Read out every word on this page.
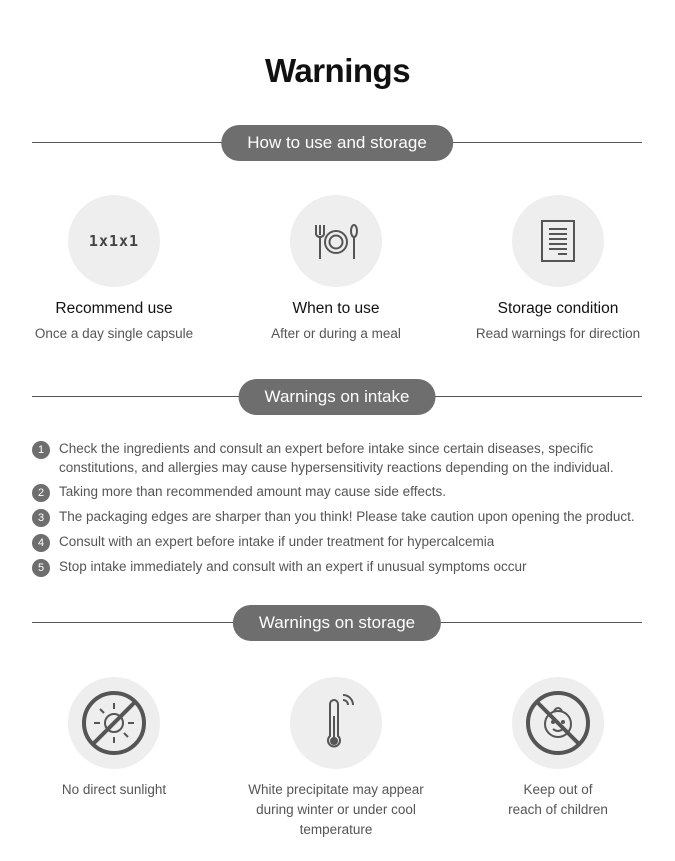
Warnings
How to use and storage
1x1x1
Recommend use
Once a day single capsule
When to use
After or during a meal
Storage condition
Read warnings for direction
Warnings on intake
1	Check the ingredients and consult an expert before intake since certain diseases, specific constitutions, and allergies may cause hypersensitivity reactions depending on the individual.
2	Taking more than recommended amount may cause side effects.
3	The packaging edges are sharper than you think! Please take caution upon opening the product.
4	Consult with an expert before intake if under treatment for hypercalcemia
5	Stop intake immediately and consult with an expert if unusual symptoms occur
Warnings on storage
No direct sunlight	White precipitate may appear
during winter or under cool temperature
Keep out of
reach of children
